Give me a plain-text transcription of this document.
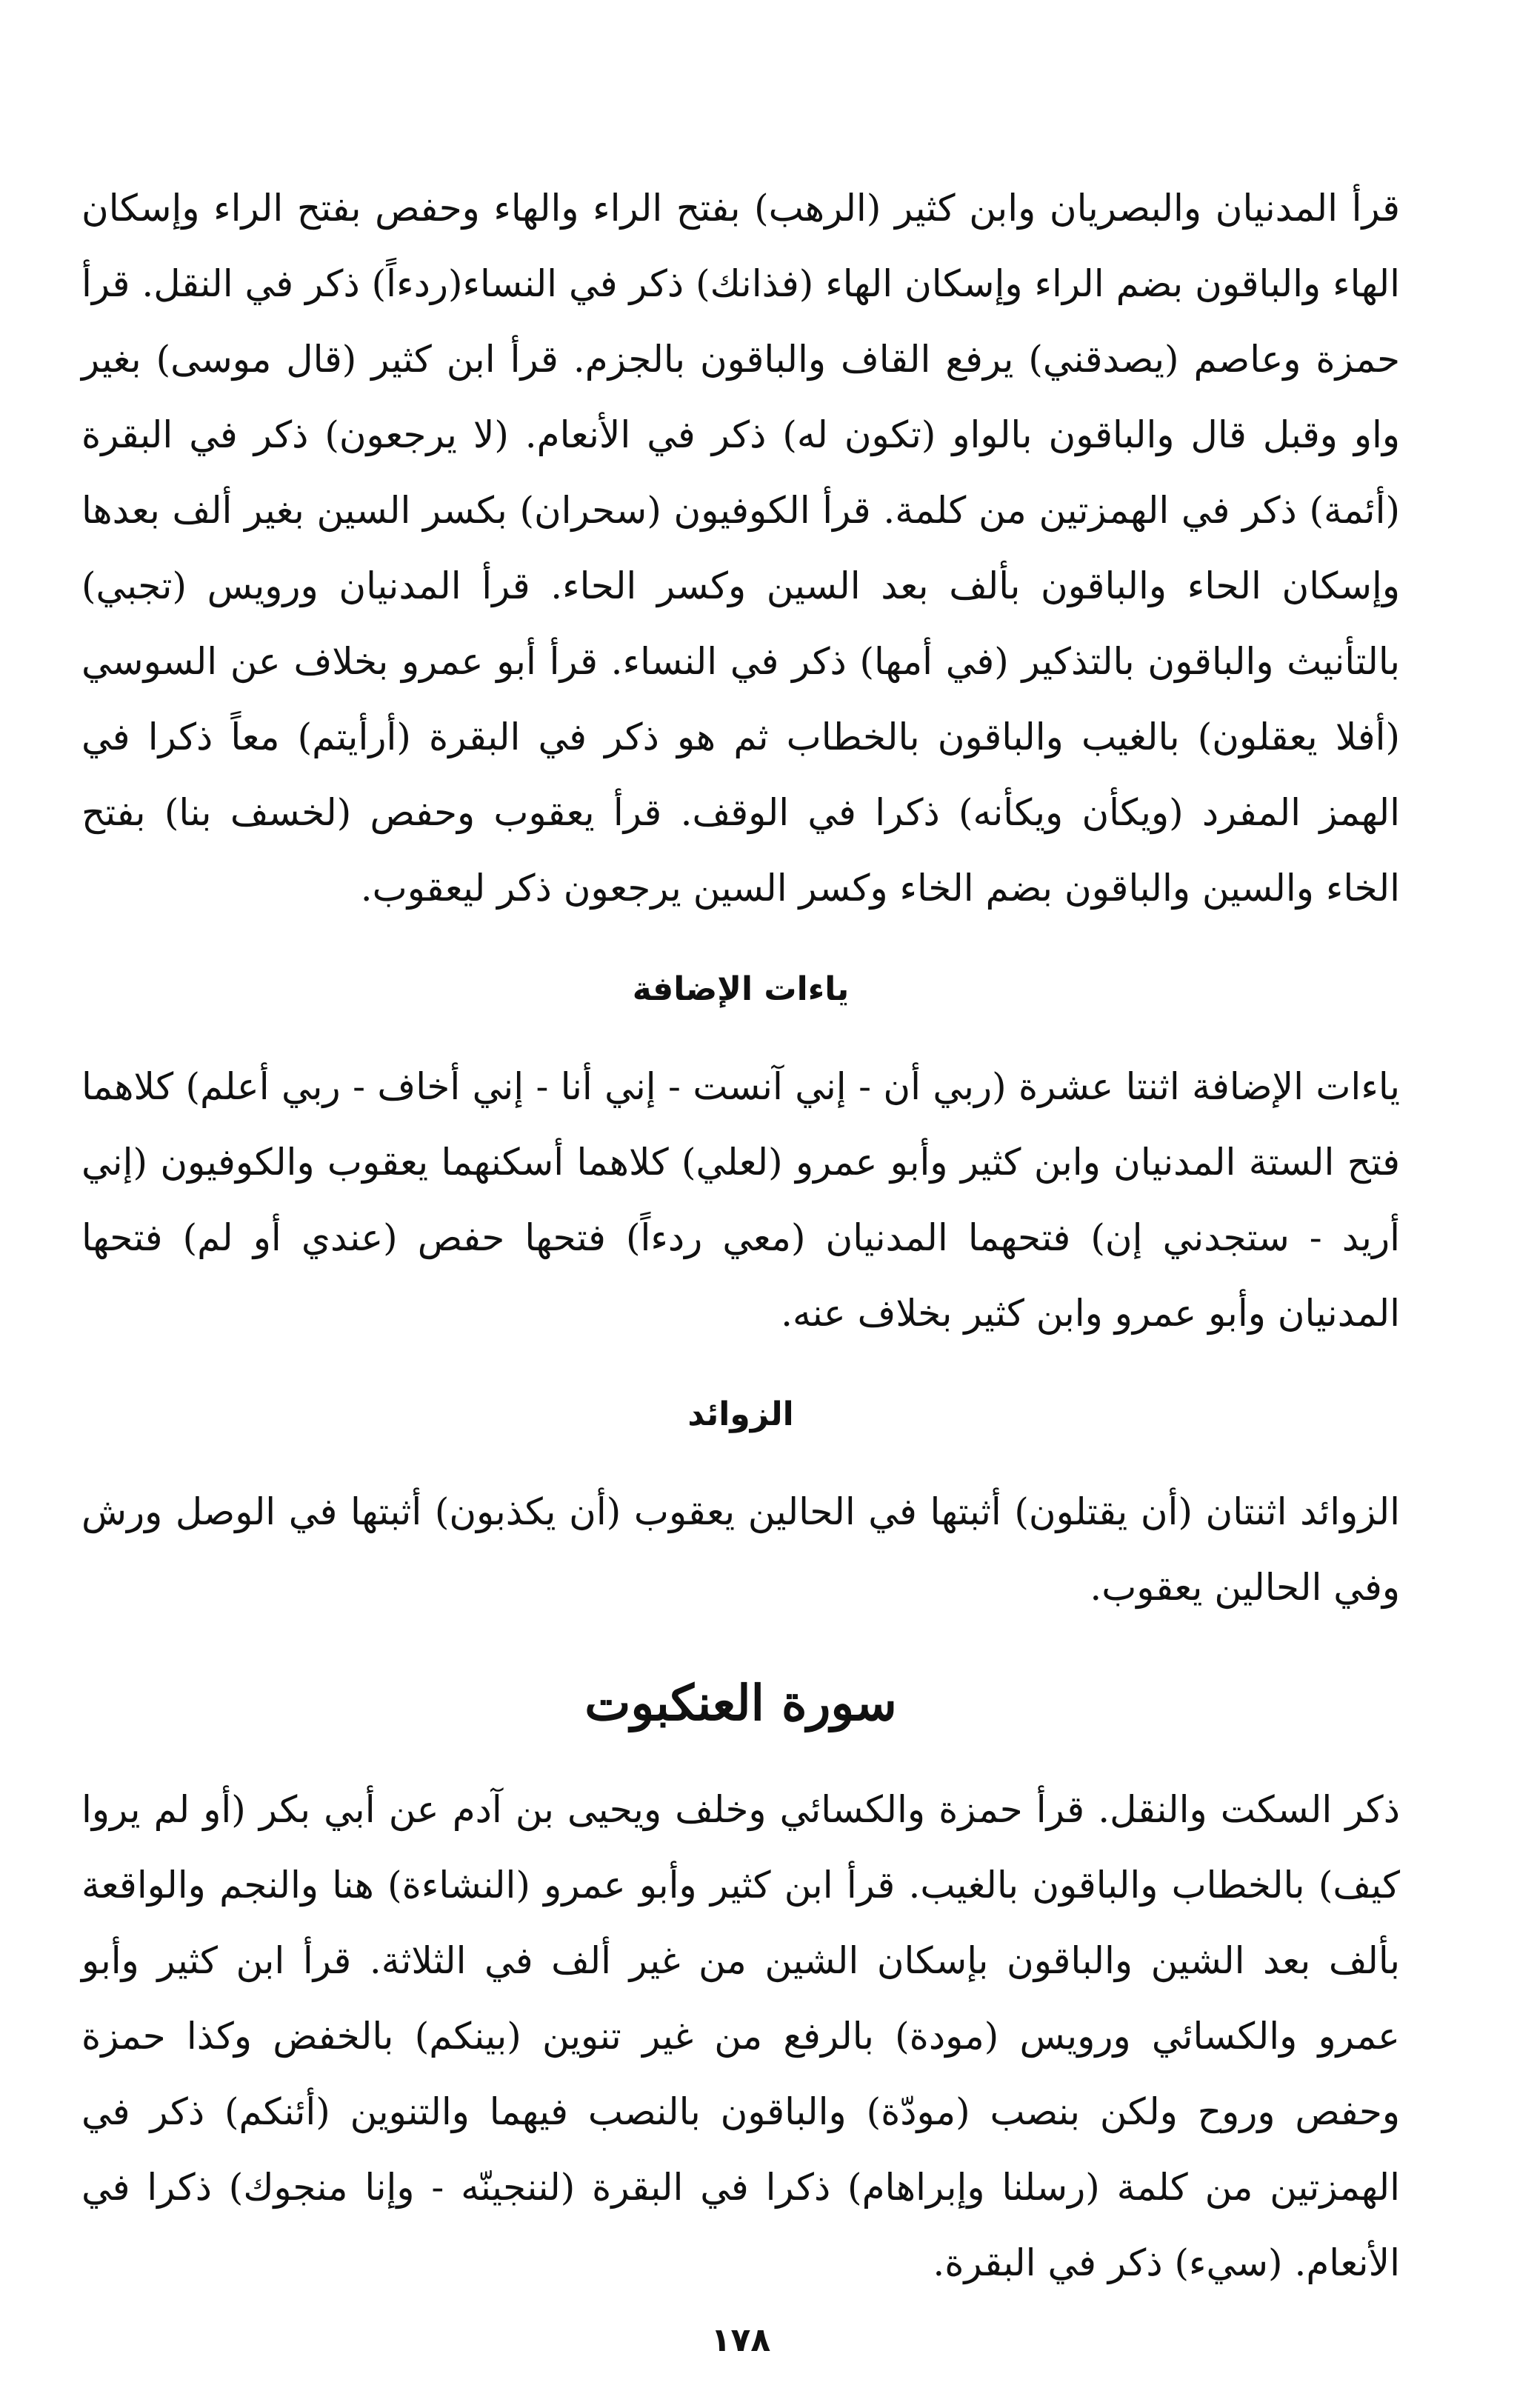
قرأ المدنيان والبصريان وابن كثير (الرهب) بفتح الراء والهاء وحفص بفتح الراء وإسكان الهاء والباقون بضم الراء وإسكان الهاء (فذانك) ذكر في النساء(ردءاً) ذكر في النقل. قرأ حمزة وعاصم (يصدقني) يرفع القاف والباقون بالجزم. قرأ ابن كثير (قال موسى) بغير واو وقبل قال والباقون بالواو (تكون له) ذكر في الأنعام. (لا يرجعون) ذكر في البقرة (أئمة) ذكر في الهمزتين من كلمة. قرأ الكوفيون (سحران) بكسر السين بغير ألف بعدها وإسكان الحاء والباقون بألف بعد السين وكسر الحاء. قرأ المدنيان ورويس (تجبي) بالتأنيث والباقون بالتذكير (في أمها) ذكر في النساء. قرأ أبو عمرو بخلاف عن السوسي (أفلا يعقلون) بالغيب والباقون بالخطاب ثم هو ذكر في البقرة (أرأيتم) معاً ذكرا في الهمز المفرد (ويكأن ويكأنه) ذكرا في الوقف. قرأ يعقوب وحفص (لخسف بنا) بفتح الخاء والسين والباقون بضم الخاء وكسر السين يرجعون ذكر ليعقوب.

ياءات الإضافة

ياءات الإضافة اثنتا عشرة (ربي أن - إني آنست - إني أنا - إني أخاف - ربي أعلم) كلاهما فتح الستة المدنيان وابن كثير وأبو عمرو (لعلي) كلاهما أسكنهما يعقوب والكوفيون (إني أريد - ستجدني إن) فتحهما المدنيان (معي ردءاً) فتحها حفص (عندي أو لم) فتحها المدنيان وأبو عمرو وابن كثير بخلاف عنه.

الزوائد

الزوائد اثنتان (أن يقتلون) أثبتها في الحالين يعقوب (أن يكذبون) أثبتها في الوصل ورش وفي الحالين يعقوب.

سورة العنكبوت

ذكر السكت والنقل. قرأ حمزة والكسائي وخلف ويحيى بن آدم عن أبي بكر (أو لم يروا كيف) بالخطاب والباقون بالغيب. قرأ ابن كثير وأبو عمرو (النشاءة) هنا والنجم والواقعة بألف بعد الشين والباقون بإسكان الشين من غير ألف في الثلاثة. قرأ ابن كثير وأبو عمرو والكسائي ورويس (مودة) بالرفع من غير تنوين (بينكم) بالخفض وكذا حمزة وحفص وروح ولكن بنصب (مودّة) والباقون بالنصب فيهما والتنوين (أئنكم) ذكر في الهمزتين من كلمة (رسلنا وإبراهام) ذكرا في البقرة (لننجينّه - وإنا منجوك) ذكرا في الأنعام. (سيء) ذكر في البقرة.

١٧٨
